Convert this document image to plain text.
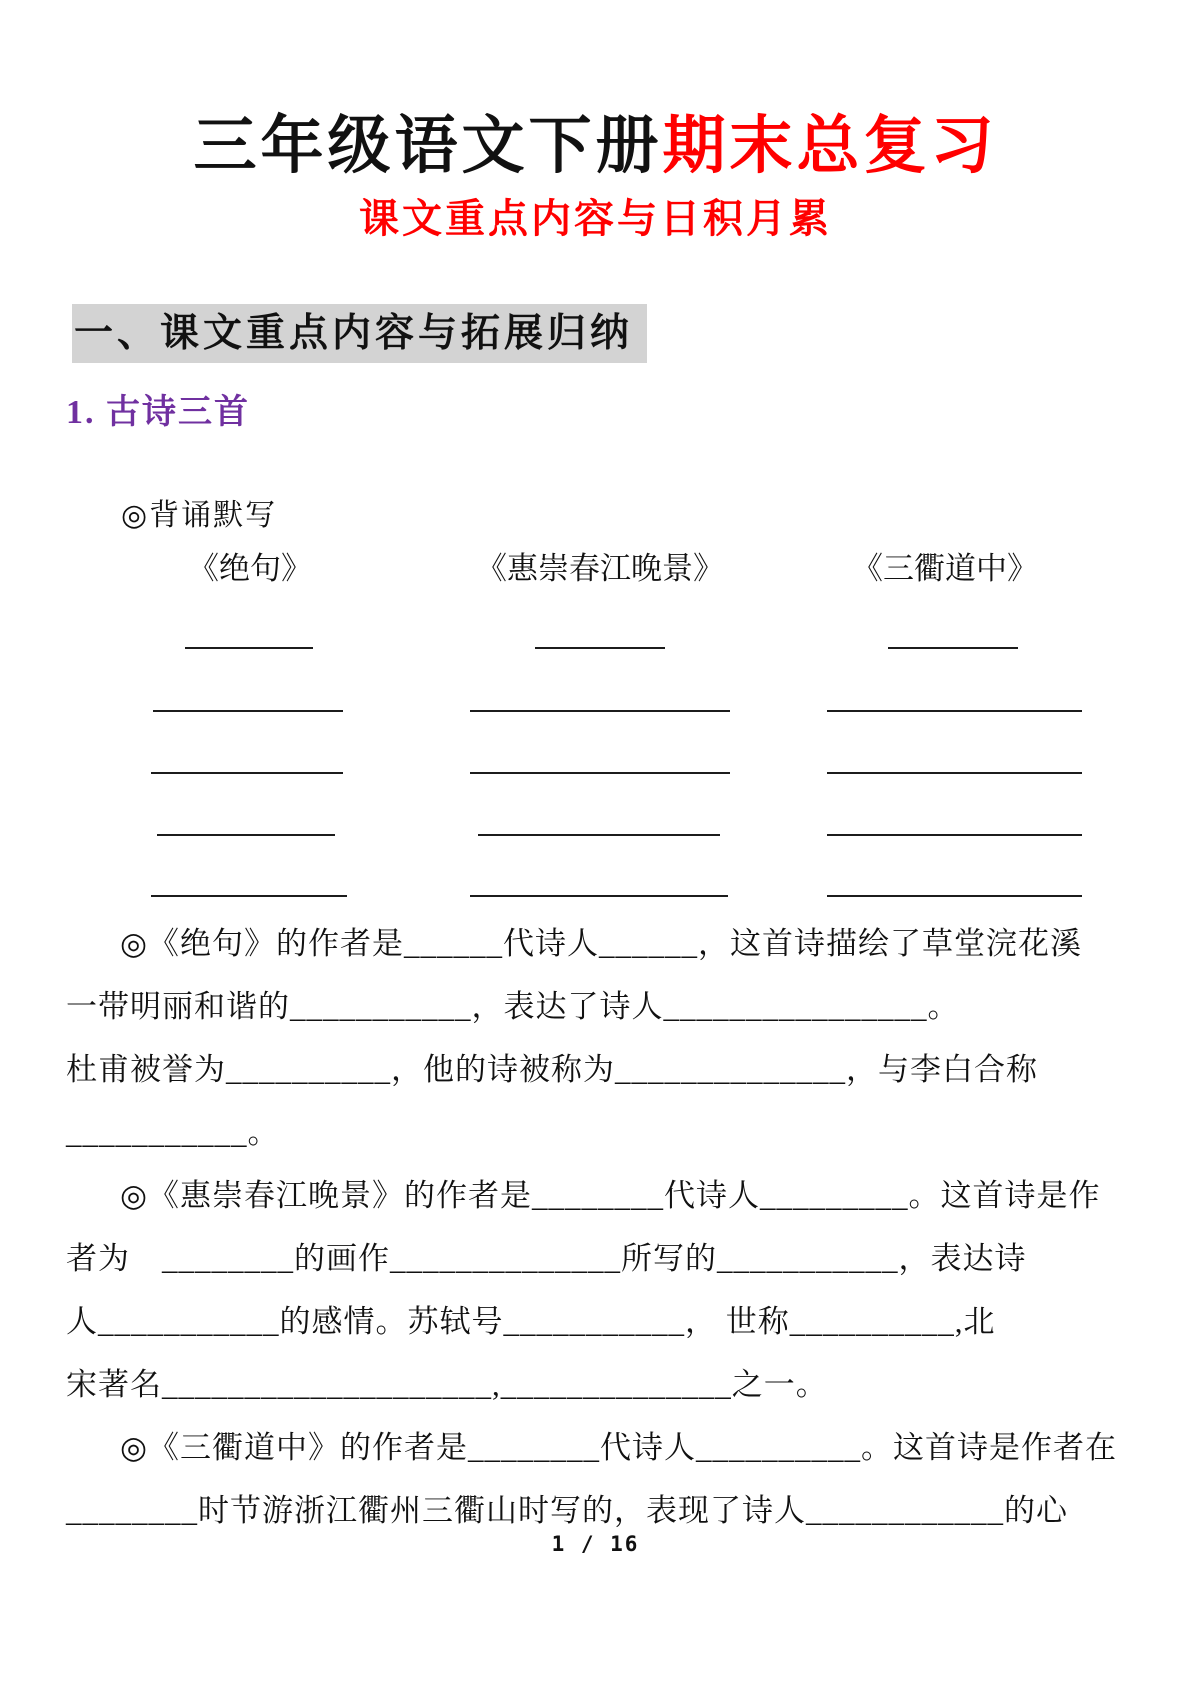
三年级语文下册期末总复习
课文重点内容与日积月累
一、课文重点内容与拓展归纳
1. 古诗三首
◎背诵默写
《绝句》	《惠崇春江晚景》	《三衢道中》
◎《绝句》的作者是______代诗人______，这首诗描绘了草堂浣花溪
一带明丽和谐的___________，表达了诗人________________。
杜甫被誉为__________，他的诗被称为______________，与李白合称
___________。
◎《惠崇春江晚景》的作者是________代诗人_________。这首诗是作
者为　________的画作______________所写的___________，表达诗
人___________的感情。苏轼号___________， 世称__________,北
宋著名____________________,______________之一。
◎《三衢道中》的作者是________代诗人__________。这首诗是作者在
________时节游浙江衢州三衢山时写的，表现了诗人____________的心
1 / 16
